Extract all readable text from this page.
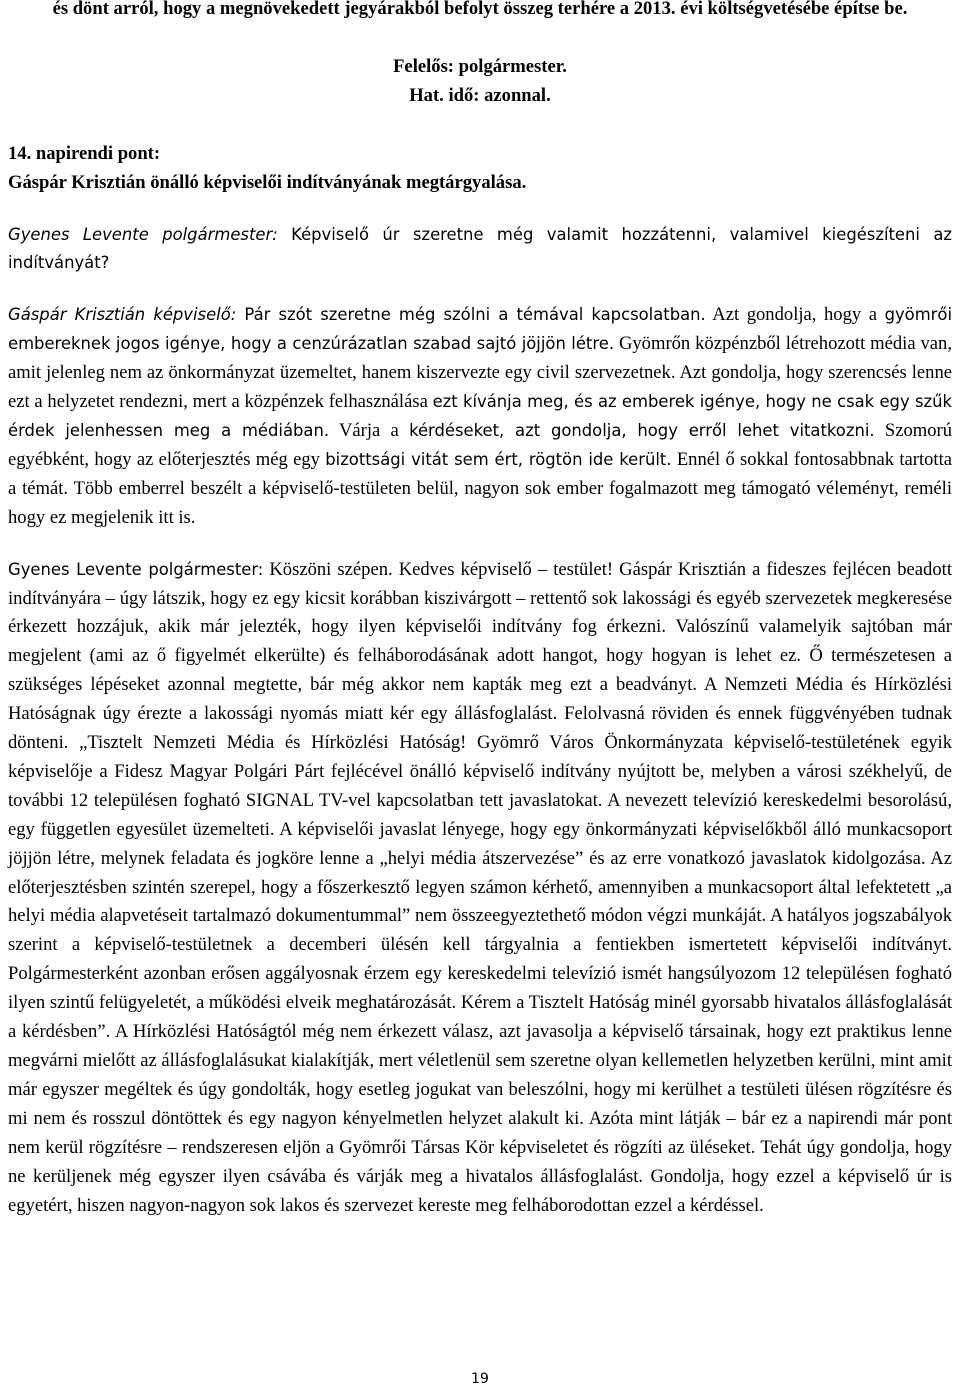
és dönt arról, hogy a megnövekedett jegyárakból befolyt összeg terhére a 2013. évi költségvetésébe építse be.
Felelős: polgármester.
Hat. idő: azonnal.
14. napirendi pont:
Gáspár Krisztián önálló képviselői indítványának megtárgyalása.
Gyenes Levente polgármester: Képviselő úr szeretne még valamit hozzátenni, valamivel kiegészíteni az indítványát?
Gáspár Krisztián képviselő: Pár szót szeretne még szólni a témával kapcsolatban. Azt gondolja, hogy a gyömrői embereknek jogos igénye, hogy a cenzúrázatlan szabad sajtó jöjjön létre. Gyömrőn közpénzből létrehozott média van, amit jelenleg nem az önkormányzat üzemeltet, hanem kiszervezte egy civil szervezetnek. Azt gondolja, hogy szerencsés lenne ezt a helyzetet rendezni, mert a közpénzek felhasználása ezt kívánja meg, és az emberek igénye, hogy ne csak egy szűk érdek jelenhessen meg a médiában. Várja a kérdéseket, azt gondolja, hogy erről lehet vitatkozni. Szomorú egyébként, hogy az előterjesztés még egy bizottsági vitát sem ért, rögtön ide került. Ennél ő sokkal fontosabbnak tartotta a témát. Több emberrel beszélt a képviselő-testületen belül, nagyon sok ember fogalmazott meg támogató véleményt, reméli hogy ez megjelenik itt is.
Gyenes Levente polgármester: Köszöni szépen. Kedves képviselő – testület! Gáspár Krisztián a fideszes fejlécen beadott indítványára – úgy látszik, hogy ez egy kicsit korábban kiszivárgott – rettentő sok lakossági és egyéb szervezetek megkeresése érkezett hozzájuk, akik már jelezték, hogy ilyen képviselői indítvány fog érkezni. Valószínű valamelyik sajtóban már megjelent (ami az ő figyelmét elkerülte) és felháborodásának adott hangot, hogy hogyan is lehet ez. Ő természetesen a szükséges lépéseket azonnal megtette, bár még akkor nem kapták meg ezt a beadványt. A Nemzeti Média és Hírközlési Hatóságnak úgy érezte a lakossági nyomás miatt kér egy állásfoglalást. Felolvasná röviden és ennek függvényében tudnak dönteni. „Tisztelt Nemzeti Média és Hírközlési Hatóság! Gyömrő Város Önkormányzata képviselő-testületének egyik képviselője a Fidesz Magyar Polgári Párt fejlécével önálló képviselő indítvány nyújtott be, melyben a városi székhelyű, de további 12 településen fogható SIGNAL TV-vel kapcsolatban tett javaslatokat. A nevezett televízió kereskedelmi besorolású, egy független egyesület üzemelteti. A képviselői javaslat lényege, hogy egy önkormányzati képviselőkből álló munkacsoport jöjjön létre, melynek feladata és jogköre lenne a „helyi média átszervezése” és az erre vonatkozó javaslatok kidolgozása. Az előterjesztésben szintén szerepel, hogy a főszerkesztő legyen számon kérhető, amennyiben a munkacsoport által lefektetett „a helyi média alapvetéseit tartalmazó dokumentummal” nem összeegyeztethető módon végzi munkáját. A hatályos jogszabályok szerint a képviselő-testületnek a decemberi ülésén kell tárgyalnia a fentiekben ismertetett képviselői indítványt. Polgármesterként azonban erősen aggályosnak érzem egy kereskedelmi televízió ismét hangsúlyozom 12 településen fogható ilyen szintű felügyeletét, a működési elveik meghatározását. Kérem a Tisztelt Hatóság minél gyorsabb hivatalos állásfoglalását a kérdésben”. A Hírközlési Hatóságtól még nem érkezett válasz, azt javasolja a képviselő társainak, hogy ezt praktikus lenne megvárni mielőtt az állásfoglalásukat kialakítják, mert véletlenül sem szeretne olyan kellemetlen helyzetben kerülni, mint amit már egyszer megéltek és úgy gondolták, hogy esetleg jogukat van beleszólni, hogy mi kerülhet a testületi ülésen rögzítésre és mi nem és rosszul döntöttek és egy nagyon kényelmetlen helyzet alakult ki. Azóta mint látják – bár ez a napirendi már pont nem kerül rögzítésre – rendszeresen eljön a Gyömrői Társas Kör képviseletet és rögzíti az üléseket. Tehát úgy gondolja, hogy ne kerüljenek még egyszer ilyen csávába és várják meg a hivatalos állásfoglalást. Gondolja, hogy ezzel a képviselő úr is egyetért, hiszen nagyon-nagyon sok lakos és szervezet kereste meg felháborodottan ezzel a kérdéssel.
19
